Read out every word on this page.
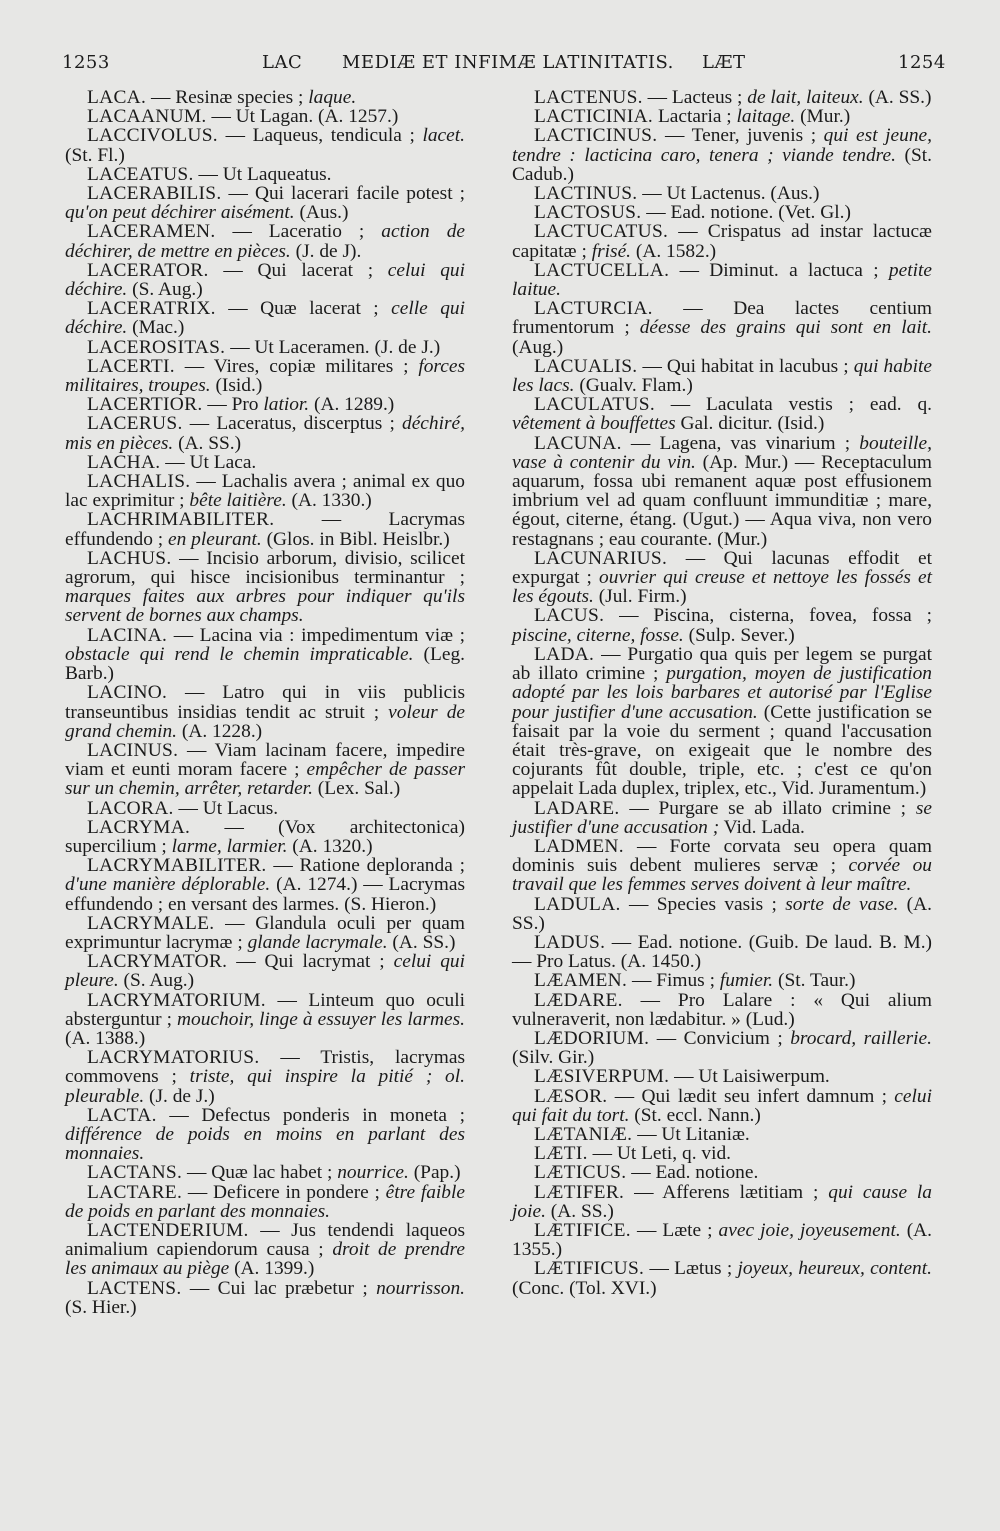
1253	LAC MEDIÆ ET INFIMÆ LATINITATIS. LÆT	1254

LACA. — Resinæ species ; laque.

LACAANUM. — Ut Lagan. (A. 1257.)

LACCIVOLUS. — Laqueus, tendicula ; lacet. (St. Fl.)

LACEATUS. — Ut Laqueatus.

LACERABILIS. — Qui lacerari facile potest ; qu'on peut déchirer aisément. (Aus.)

LACERAMEN. — Laceratio ; action de déchirer, de mettre en pièces. (J. de J).

LACERATOR. — Qui lacerat ; celui qui déchire. (S. Aug.)

LACERATRIX. — Quæ lacerat ; celle qui déchire. (Mac.)

LACEROSITAS. — Ut Laceramen. (J. de J.)

LACERTI. — Vires, copiæ militares ; forces militaires, troupes. (Isid.)

LACERTIOR. — Pro latior. (A. 1289.)

LACERUS. — Laceratus, discerptus ; déchiré, mis en pièces. (A. SS.)

LACHA. — Ut Laca.

LACHALIS. — Lachalis avera ; animal ex quo lac exprimitur ; bête laitière. (A. 1330.)

LACHRIMABILITER. — Lacrymas effundendo ; en pleurant. (Glos. in Bibl. Heislbr.)

LACHUS. — Incisio arborum, divisio, scilicet agrorum, qui hisce incisionibus terminantur ; marques faites aux arbres pour indiquer qu'ils servent de bornes aux champs.

LACINA. — Lacina via : impedimentum viæ ; obstacle qui rend le chemin impraticable. (Leg. Barb.)

LACINO. — Latro qui in viis publicis transeuntibus insidias tendit ac struit ; voleur de grand chemin. (A. 1228.)

LACINUS. — Viam lacinam facere, impedire viam et eunti moram facere ; empêcher de passer sur un chemin, arrêter, retarder. (Lex. Sal.)

LACORA. — Ut Lacus.

LACRYMA. — (Vox architectonica) supercilium ; larme, larmier. (A. 1320.)

LACRYMABILITER. — Ratione deploranda ; d'une manière déplorable. (A. 1274.) — Lacrymas effundendo ; en versant des larmes. (S. Hieron.)

LACRYMALE. — Glandula oculi per quam exprimuntur lacrymæ ; glande lacrymale. (A. SS.)

LACRYMATOR. — Qui lacrymat ; celui qui pleure. (S. Aug.)

LACRYMATORIUM. — Linteum quo oculi absterguntur ; mouchoir, linge à essuyer les larmes. (A. 1388.)

LACRYMATORIUS. — Tristis, lacrymas commovens ; triste, qui inspire la pitié ; ol. pleurable. (J. de J.)

LACTA. — Defectus ponderis in moneta ; différence de poids en moins en parlant des monnaies.

LACTANS. — Quæ lac habet ; nourrice. (Pap.)

LACTARE. — Deficere in pondere ; être faible de poids en parlant des monnaies.

LACTENDERIUM. — Jus tendendi laqueos animalium capiendorum causa ; droit de prendre les animaux au piège (A. 1399.)

LACTENS. — Cui lac præbetur ; nourrisson. (S. Hier.)

LACTENUS. — Lacteus ; de lait, laiteux. (A. SS.)

LACTICINIA. Lactaria ; laitage. (Mur.)

LACTICINUS. — Tener, juvenis ; qui est jeune, tendre : lacticina caro, tenera ; viande tendre. (St. Cadub.)

LACTINUS. — Ut Lactenus. (Aus.)

LACTOSUS. — Ead. notione. (Vet. Gl.)

LACTUCATUS. — Crispatus ad instar lactucæ capitatæ ; frisé. (A. 1582.)

LACTUCELLA. — Diminut. a lactuca ; petite laitue.

LACTURCIA. — Dea lactes centium frumentorum ; déesse des grains qui sont en lait. (Aug.)

LACUALIS. — Qui habitat in lacubus ; qui habite les lacs. (Gualv. Flam.)

LACULATUS. — Laculata vestis ; ead. q. vêtement à bouffettes Gal. dicitur. (Isid.)

LACUNA. — Lagena, vas vinarium ; bouteille, vase à contenir du vin. (Ap. Mur.) — Receptaculum aquarum, fossa ubi remanent aquæ post effusionem imbrium vel ad quam confluunt immunditiæ ; mare, égout, citerne, étang. (Ugut.) — Aqua viva, non vero restagnans ; eau courante. (Mur.)

LACUNARIUS. — Qui lacunas effodit et expurgat ; ouvrier qui creuse et nettoye les fossés et les égouts. (Jul. Firm.)

LACUS. — Piscina, cisterna, fovea, fossa ; piscine, citerne, fosse. (Sulp. Sever.)

LADA. — Purgatio qua quis per legem se purgat ab illato crimine ; purgation, moyen de justification adopté par les lois barbares et autorisé par l'Eglise pour justifier d'une accusation. (Cette justification se faisait par la voie du serment ; quand l'accusation était très-grave, on exigeait que le nombre des cojurants fût double, triple, etc. ; c'est ce qu'on appelait Lada duplex, triplex, etc., Vid. Juramentum.)

LADARE. — Purgare se ab illato crimine ; se justifier d'une accusation ; Vid. Lada.

LADMEN. — Forte corvata seu opera quam dominis suis debent mulieres servæ ; corvée ou travail que les femmes serves doivent à leur maître.

LADULA. — Species vasis ; sorte de vase. (A. SS.)

LADUS. — Ead. notione. (Guib. De laud. B. M.) — Pro Latus. (A. 1450.)

LÆAMEN. — Fimus ; fumier. (St. Taur.)

LÆDARE. — Pro Lalare : « Qui alium vulneraverit, non lædabitur. » (Lud.)

LÆDORIUM. — Convicium ; brocard, raillerie. (Silv. Gir.)

LÆSIVERPUM. — Ut Laisiwerpum.

LÆSOR. — Qui lædit seu infert damnum ; celui qui fait du tort. (St. eccl. Nann.)

LÆTANIÆ. — Ut Litaniæ.

LÆTI. — Ut Leti, q. vid.

LÆTICUS. — Ead. notione.

LÆTIFER. — Afferens lætitiam ; qui cause la joie. (A. SS.)

LÆTIFICE. — Læte ; avec joie, joyeusement. (A. 1355.)

LÆTIFICUS. — Lætus ; joyeux, heureux, content. (Conc. (Tol. XVI.)
